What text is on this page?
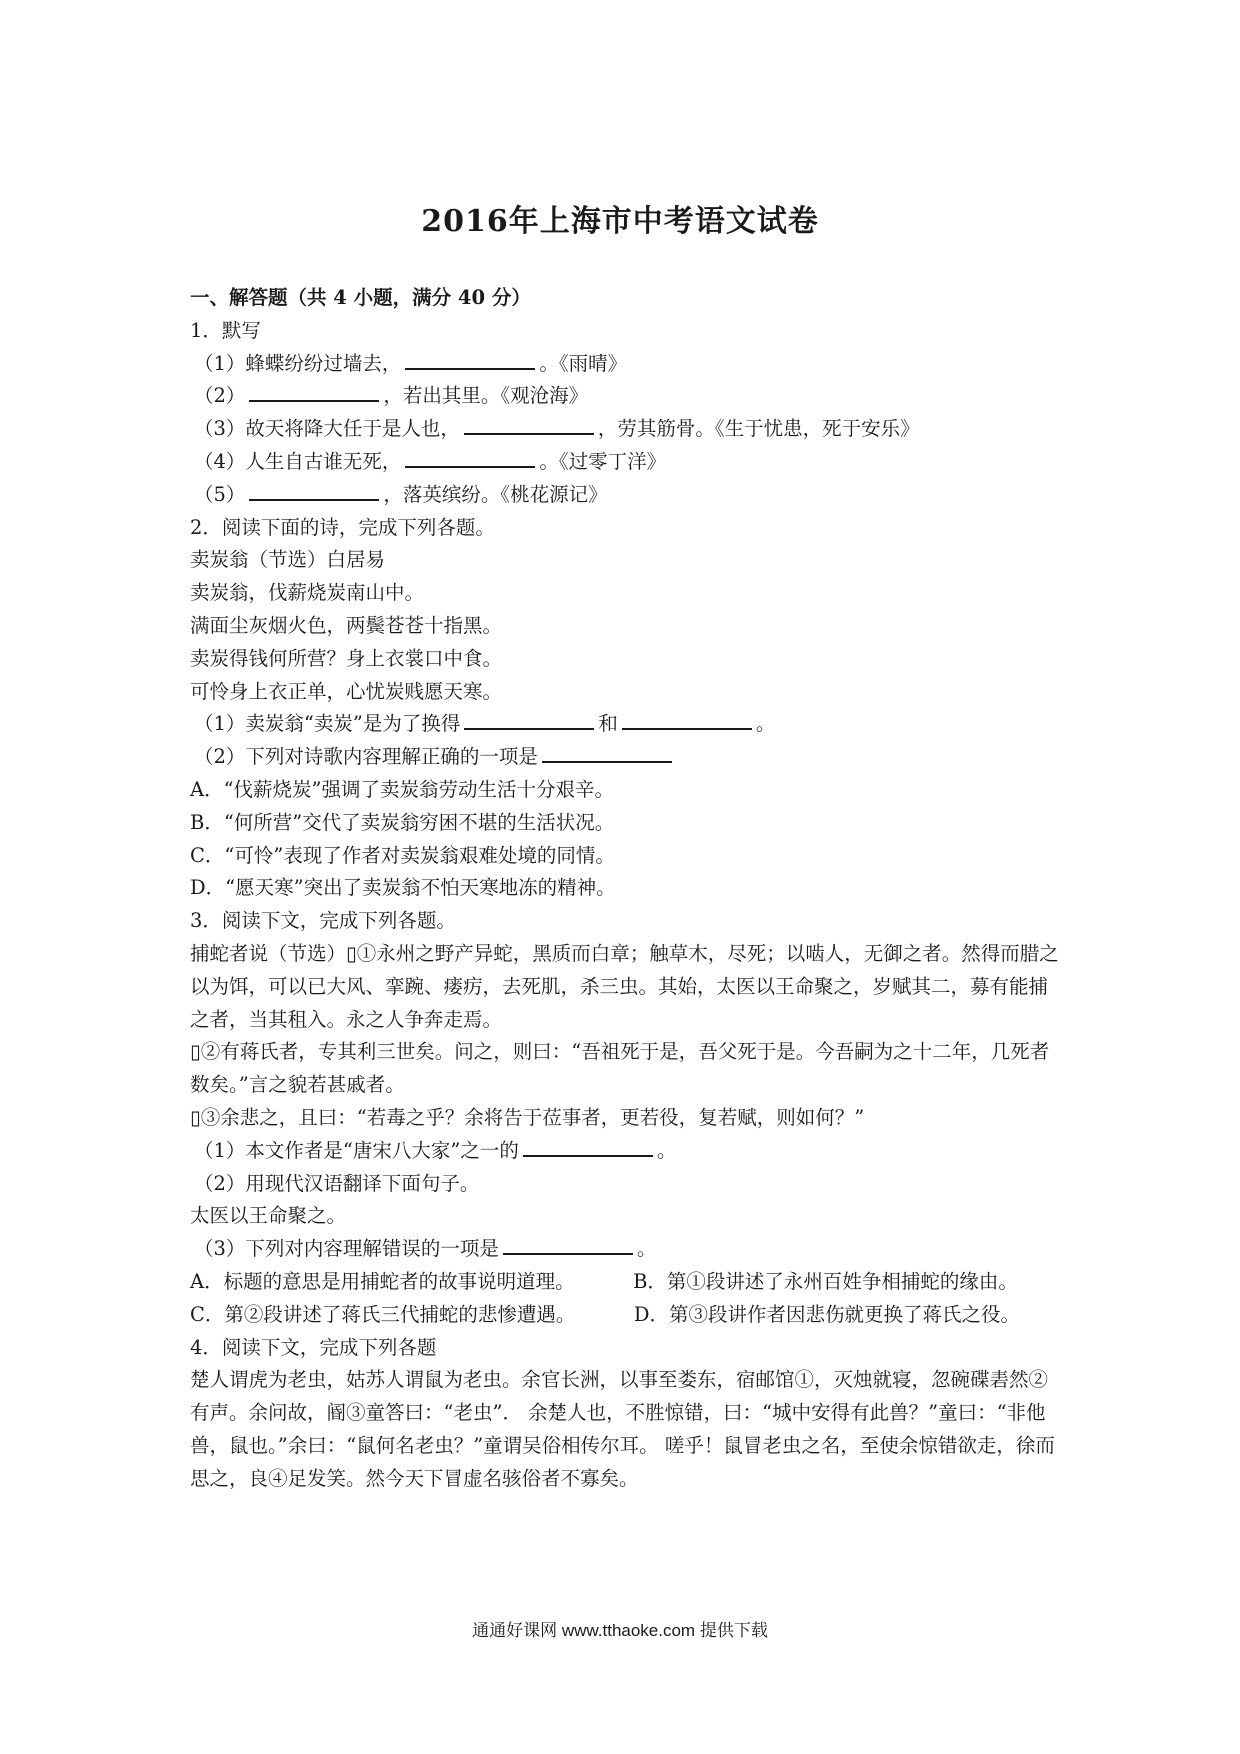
2016年上海市中考语文试卷

一、解答题（共 4 小题，满分 40 分）

1．默写

（1）蜂蝶纷纷过墙去，	。《雨晴》

（2）	，若出其里。《观沧海》

（3）故天将降大任于是人也，	，劳其筋骨。《生于忧患，死于安乐》

（4）人生自古谁无死，	。《过零丁洋》

（5）	，落英缤纷。《桃花源记》

2．阅读下面的诗，完成下列各题。

卖炭翁（节选）白居易

卖炭翁，伐薪烧炭南山中。

满面尘灰烟火色，两鬓苍苍十指黑。

卖炭得钱何所营？身上衣裳口中食。

可怜身上衣正单，心忧炭贱愿天寒。

（1）卖炭翁“卖炭”是为了换得	和	。

（2）下列对诗歌内容理解正确的一项是

A．“伐薪烧炭”强调了卖炭翁劳动生活十分艰辛。

B．“何所营”交代了卖炭翁穷困不堪的生活状况。

C．“可怜”表现了作者对卖炭翁艰难处境的同情。

D．“愿天寒”突出了卖炭翁不怕天寒地冻的精神。

3．阅读下文，完成下列各题。

捕蛇者说（节选）▯①永州之野产异蛇，黑质而白章；触草木，尽死；以啮人，无御之者。然得而腊之以为饵，可以已大风、挛踠、瘘疠，去死肌，杀三虫。其始，太医以王命聚之，岁赋其二，募有能捕之者，当其租入。永之人争奔走焉。

▯②有蒋氏者，专其利三世矣。问之，则曰：“吾祖死于是，吾父死于是。今吾嗣为之十二年，几死者数矣。”言之貌若甚戚者。

▯③余悲之，且曰：“若毒之乎？余将告于莅事者，更若役，复若赋，则如何？”

（1）本文作者是“唐宋八大家”之一的	。

（2）用现代汉语翻译下面句子。

太医以王命聚之。

（3）下列对内容理解错误的一项是	。

A．标题的意思是用捕蛇者的故事说明道理。   	B．第①段讲述了永州百姓争相捕蛇的缘由。

C．第②段讲述了蒋氏三代捕蛇的悲惨遭遇。   	D．第③段讲作者因悲伤就更换了蒋氏之役。

4．阅读下文，完成下列各题

楚人谓虎为老虫，姑苏人谓鼠为老虫。余官长洲，以事至娄东，宿邮馆①，灭烛就寝，忽碗碟砉然②有声。余问故，阍③童答曰：“老虫”． 余楚人也，不胜惊错，曰：“城中安得有此兽？”童曰：“非他兽，鼠也。”余曰：“鼠何名老虫？”童谓吴俗相传尔耳。 嗟乎！鼠冒老虫之名，至使余惊错欲走，徐而思之，良④足发笑。然今天下冒虚名骇俗者不寡矣。

通通好课网 www.tthaoke.com 提供下载
